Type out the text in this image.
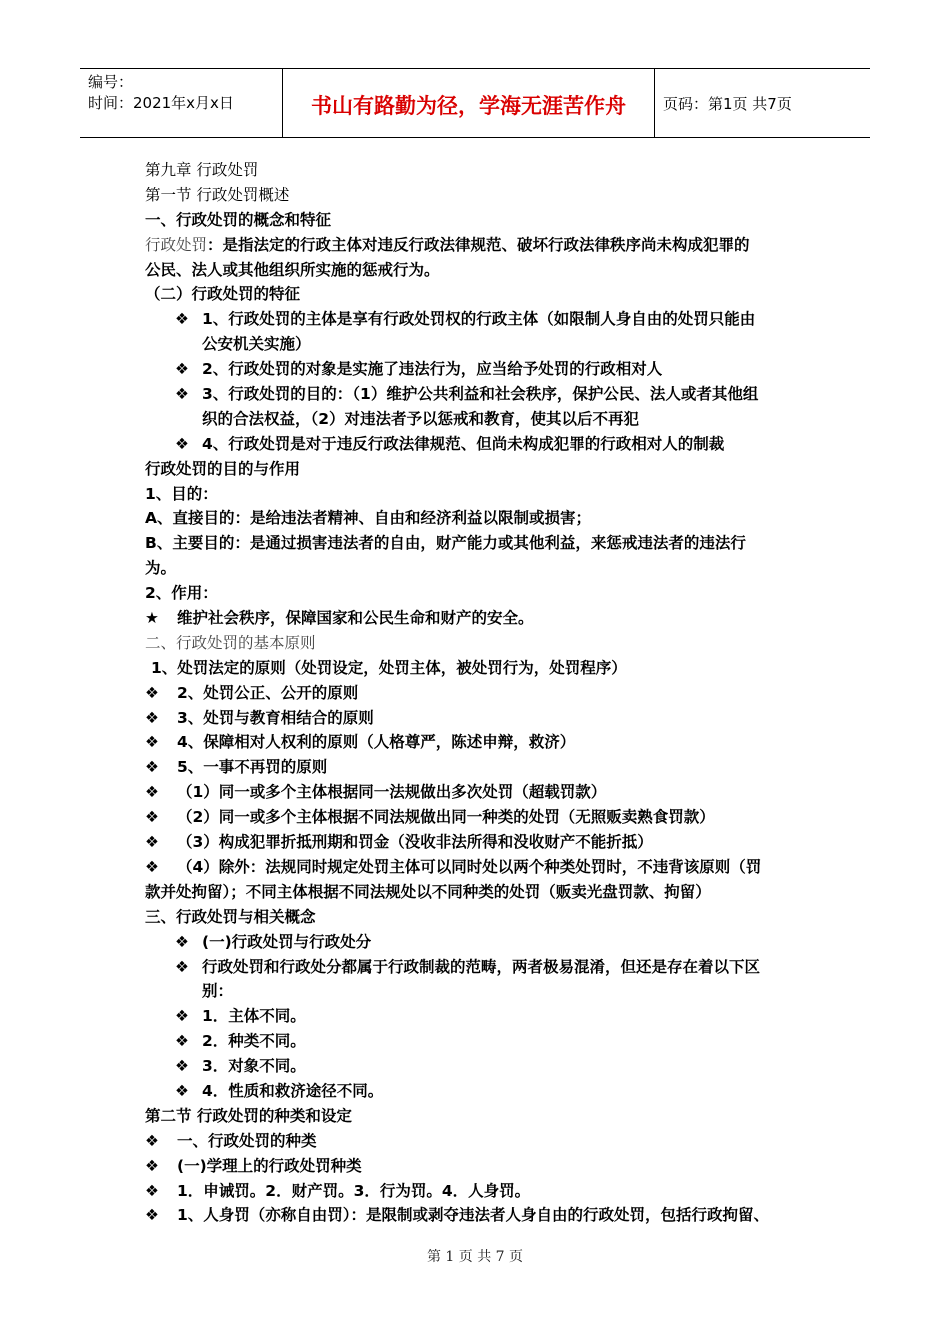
编号：
时间：2021年x月x日	书山有路勤为径，学海无涯苦作舟	页码：第1页 共7页
第九章 行政处罚
第一节 行政处罚概述
一、行政处罚的概念和特征
行政处罚：是指法定的行政主体对违反行政法律规范、破坏行政法律秩序尚未构成犯罪的
公民、法人或其他组织所实施的惩戒行为。
（二）行政处罚的特征
❖ 1、行政处罚的主体是享有行政处罚权的行政主体（如限制人身自由的处罚只能由
公安机关实施）
❖ 2、行政处罚的对象是实施了违法行为，应当给予处罚的行政相对人
❖ 3、行政处罚的目的：（1）维护公共利益和社会秩序，保护公民、法人或者其他组
织的合法权益，（2）对违法者予以惩戒和教育，使其以后不再犯
❖ 4、行政处罚是对于违反行政法律规范、但尚未构成犯罪的行政相对人的制裁
行政处罚的目的与作用
1、目的：
A、直接目的：是给违法者精神、自由和经济利益以限制或损害；
B、主要目的：是通过损害违法者的自由，财产能力或其他利益，来惩戒违法者的违法行
为。
2、作用：
★ 维护社会秩序，保障国家和公民生命和财产的安全。
二、行政处罚的基本原则
1、处罚法定的原则（处罚设定，处罚主体，被处罚行为，处罚程序）
❖ 2、处罚公正、公开的原则
❖ 3、处罚与教育相结合的原则
❖ 4、保障相对人权利的原则（人格尊严，陈述申辩，救济）
❖ 5、一事不再罚的原则
❖ （1）同一或多个主体根据同一法规做出多次处罚（超载罚款）
❖ （2）同一或多个主体根据不同法规做出同一种类的处罚（无照贩卖熟食罚款）
❖ （3）构成犯罪折抵刑期和罚金（没收非法所得和没收财产不能折抵）
❖ （4）除外：法规同时规定处罚主体可以同时处以两个种类处罚时，不违背该原则（罚
款并处拘留）；不同主体根据不同法规处以不同种类的处罚（贩卖光盘罚款、拘留）
三、行政处罚与相关概念
❖ (一)行政处罚与行政处分
❖ 行政处罚和行政处分都属于行政制裁的范畴，两者极易混淆，但还是存在着以下区
别：
❖ 1．主体不同。
❖ 2．种类不同。
❖ 3．对象不同。
❖ 4．性质和救济途径不同。
第二节 行政处罚的种类和设定
❖ 一、行政处罚的种类
❖ (一)学理上的行政处罚种类
❖ 1．申诫罚。2．财产罚。3．行为罚。4．人身罚。
❖ 1、人身罚（亦称自由罚）：是限制或剥夺违法者人身自由的行政处罚，包括行政拘留、
第 1 页 共 7 页
